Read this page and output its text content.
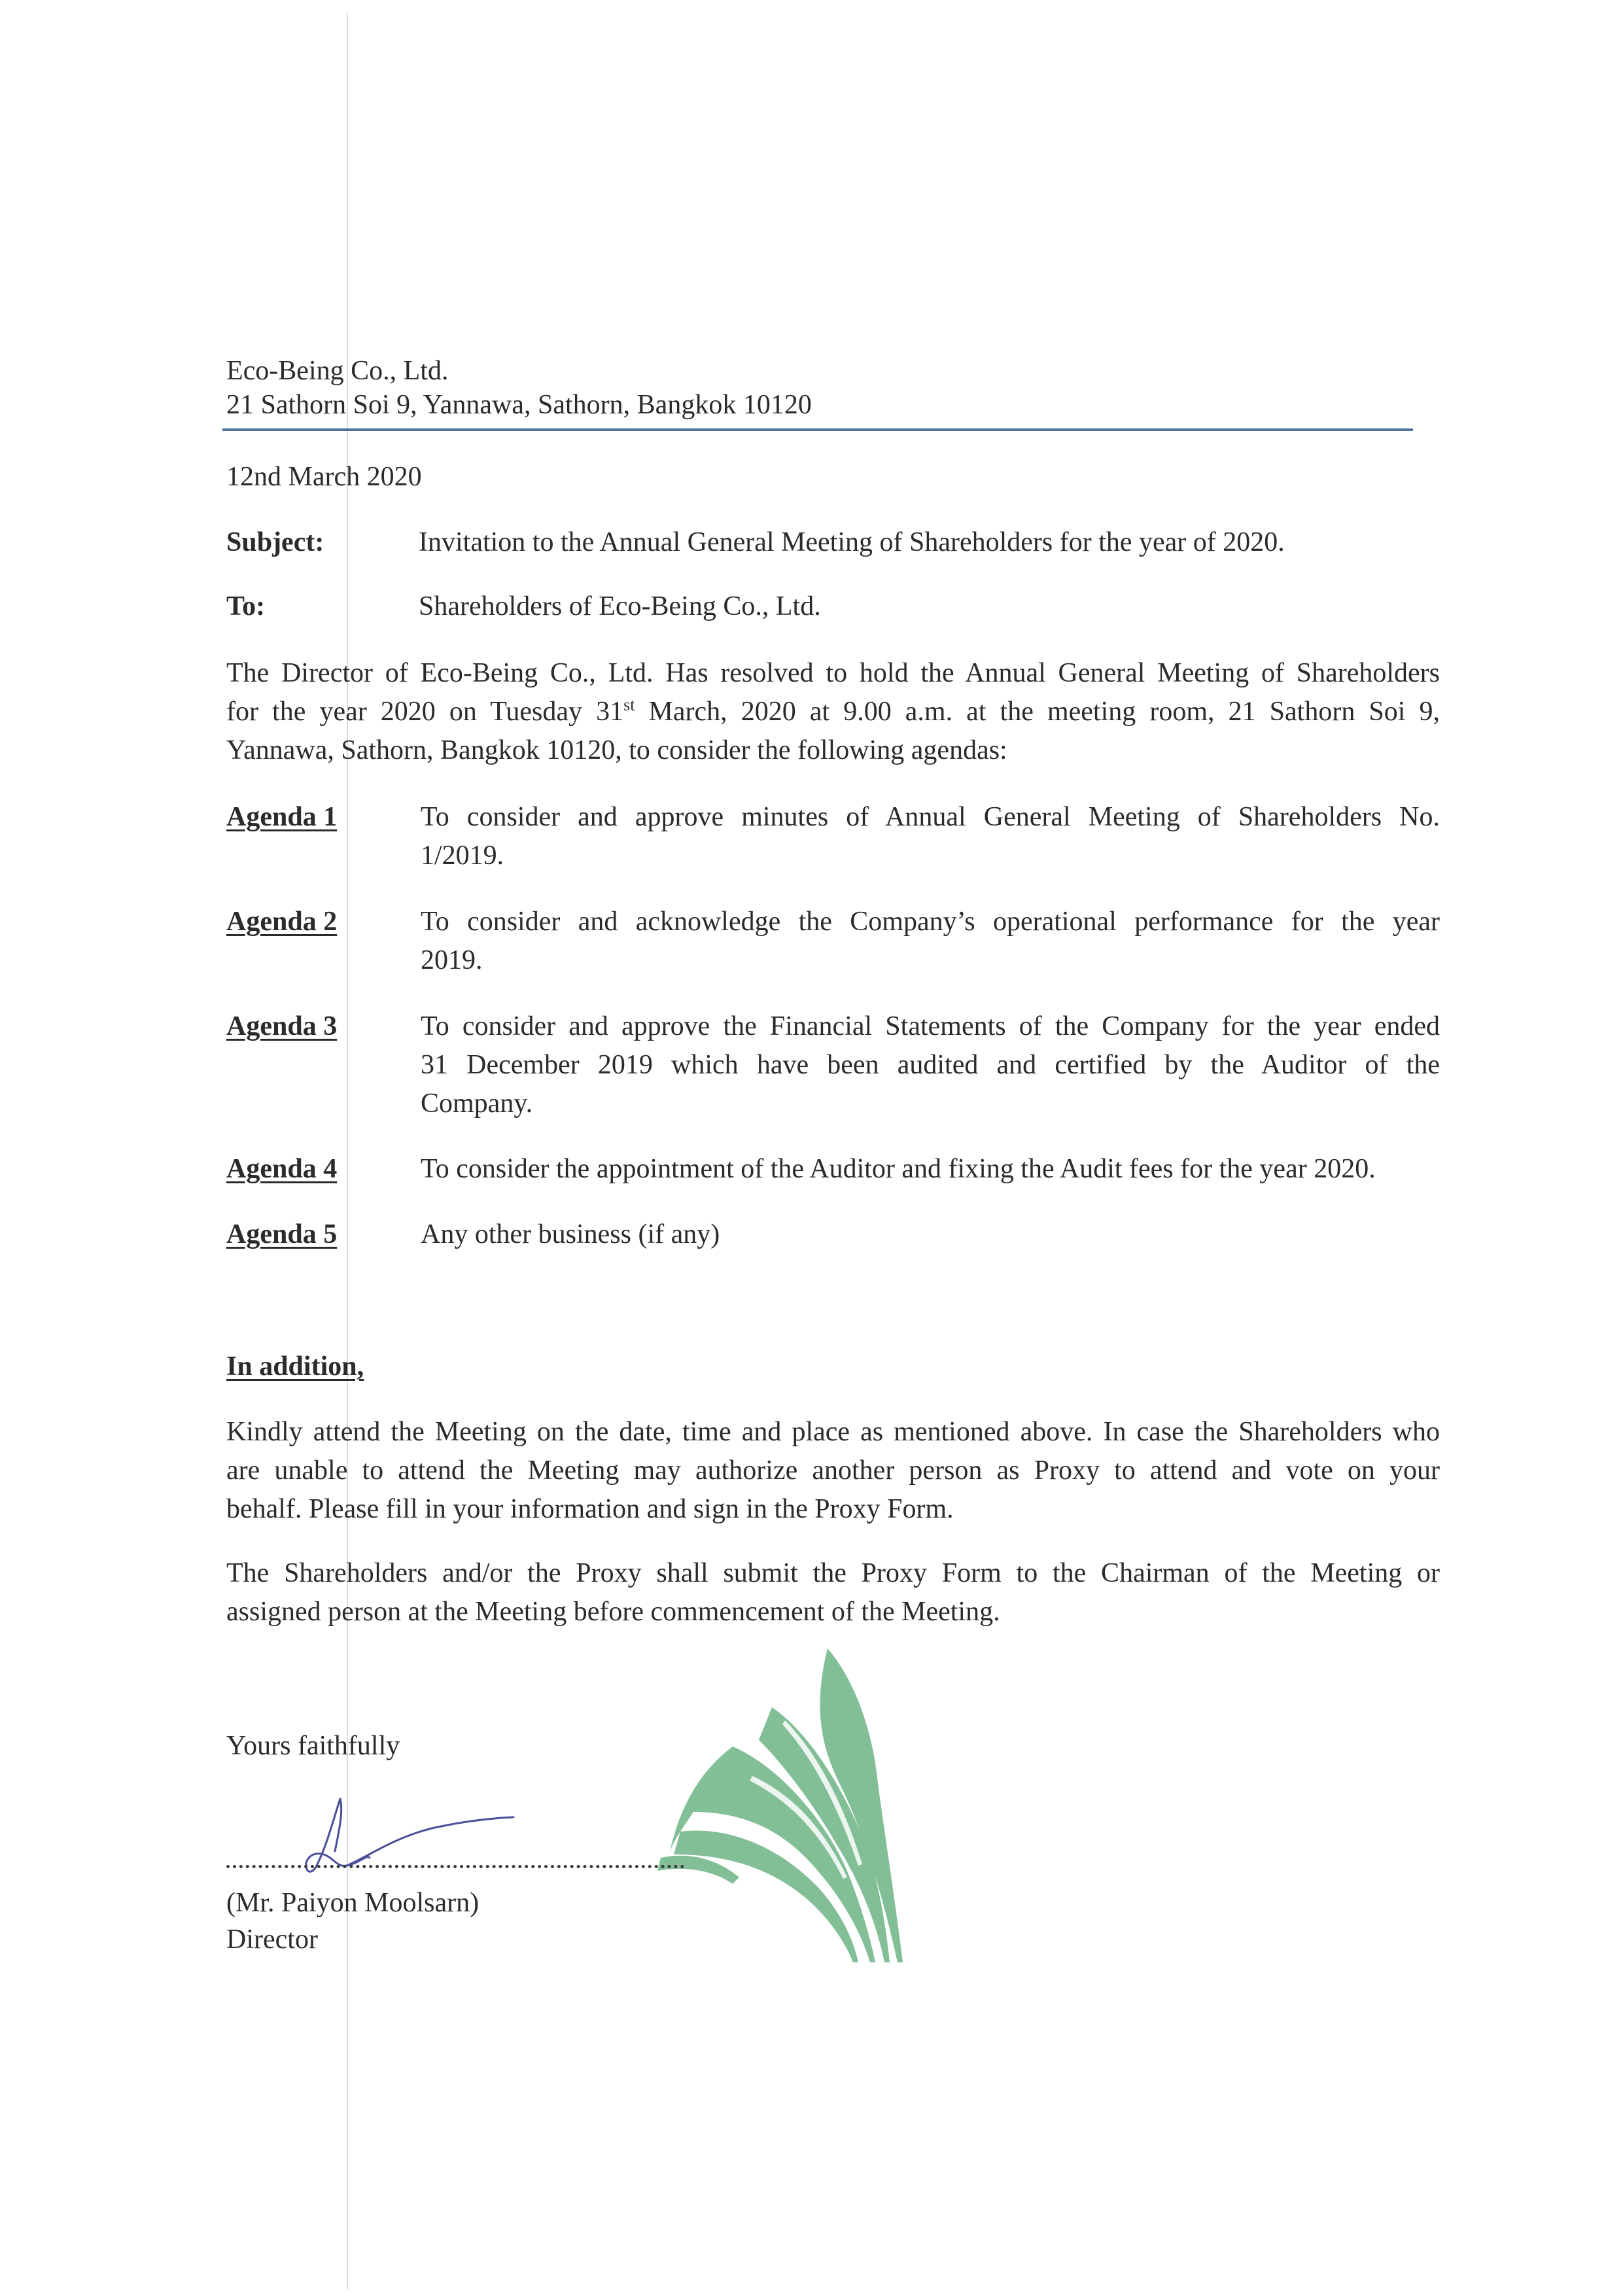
Eco-Being Co., Ltd.
21 Sathorn Soi 9, Yannawa, Sathorn, Bangkok 10120
12nd March 2020
Subject:	Invitation to the Annual General Meeting of Shareholders for the year of 2020.
To:	Shareholders of Eco-Being Co., Ltd.
The Director of Eco-Being Co., Ltd. Has resolved to hold the Annual General Meeting of Shareholders
for the year 2020 on Tuesday 31st March, 2020 at 9.00 a.m. at the meeting room, 21 Sathorn Soi 9,
Yannawa, Sathorn, Bangkok 10120, to consider the following agendas:
Agenda 1	To consider and approve minutes of Annual General Meeting of Shareholders No.
1/2019.
Agenda 2	To consider and acknowledge the Company’s operational performance for the year
2019.
Agenda 3	To consider and approve the Financial Statements of the Company for the year ended
31 December 2019 which have been audited and certified by the Auditor of the
Company.
Agenda 4	To consider the appointment of the Auditor and fixing the Audit fees for the year 2020.
Agenda 5	Any other business (if any)
In addition,
Kindly attend the Meeting on the date, time and place as mentioned above. In case the Shareholders who
are unable to attend the Meeting may authorize another person as Proxy to attend and vote on your
behalf. Please fill in your information and sign in the Proxy Form.
The Shareholders and/or the Proxy shall submit the Proxy Form to the Chairman of the Meeting or
assigned person at the Meeting before commencement of the Meeting.
Yours faithfully
(Mr. Paiyon Moolsarn)
Director
